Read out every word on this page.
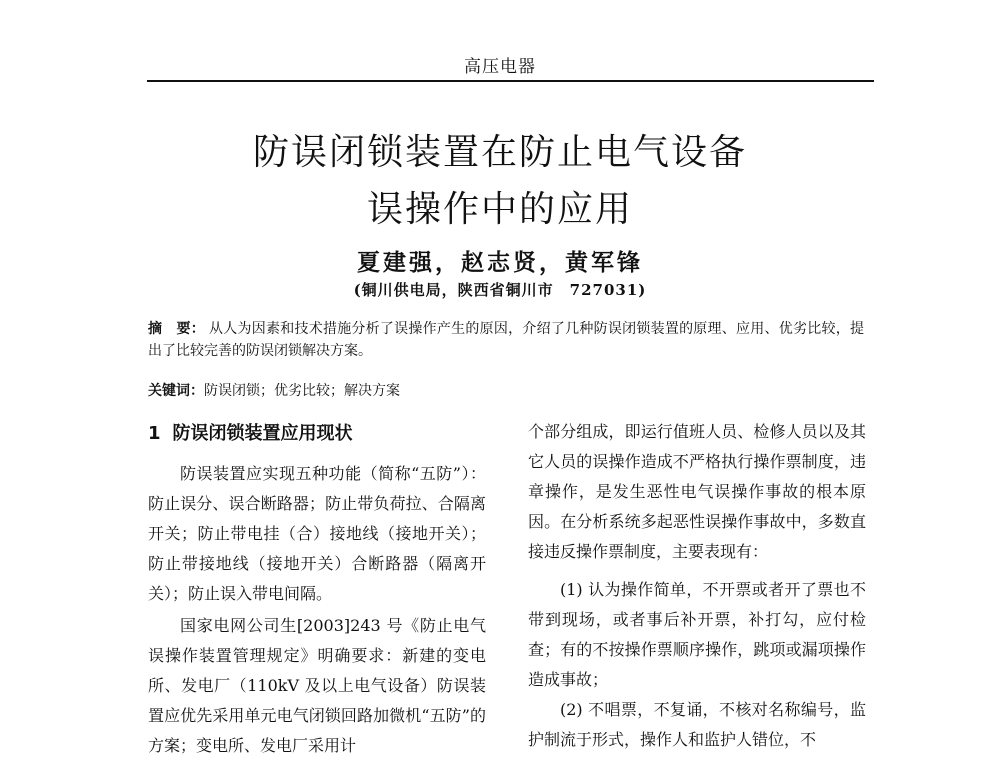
高压电器
防误闭锁装置在防止电气设备
误操作中的应用
夏建强，赵志贤，黄军锋
(铜川供电局，陕西省铜川市　727031)
摘　要： 从人为因素和技术措施分析了误操作产生的原因，介绍了几种防误闭锁装置的原理、应用、优劣比较，提出了比较完善的防误闭锁解决方案。
关键词：防误闭锁；优劣比较；解决方案
1 防误闭锁装置应用现状

防误装置应实现五种功能（简称“五防”）：防止误分、误合断路器；防止带负荷拉、合隔离开关；防止带电挂（合）接地线（接地开关）；防止带接地线（接地开关）合断路器（隔离开关）；防止误入带电间隔。

国家电网公司生[2003]243 号《防止电气误操作装置管理规定》明确要求：新建的变电所、发电厂（110kV 及以上电气设备）防误装置应优先采用单元电气闭锁回路加微机“五防”的方案；变电所、发电厂采用计

个部分组成，即运行值班人员、检修人员以及其它人员的误操作造成不严格执行操作票制度，违章操作，是发生恶性电气误操作事故的根本原因。在分析系统多起恶性误操作事故中，多数直接违反操作票制度，主要表现有：

(1) 认为操作简单，不开票或者开了票也不带到现场，或者事后补开票，补打勾，应付检查；有的不按操作票顺序操作，跳项或漏项操作造成事故；

(2) 不唱票，不复诵，不核对名称编号，监护制流于形式，操作人和监护人错位，不
